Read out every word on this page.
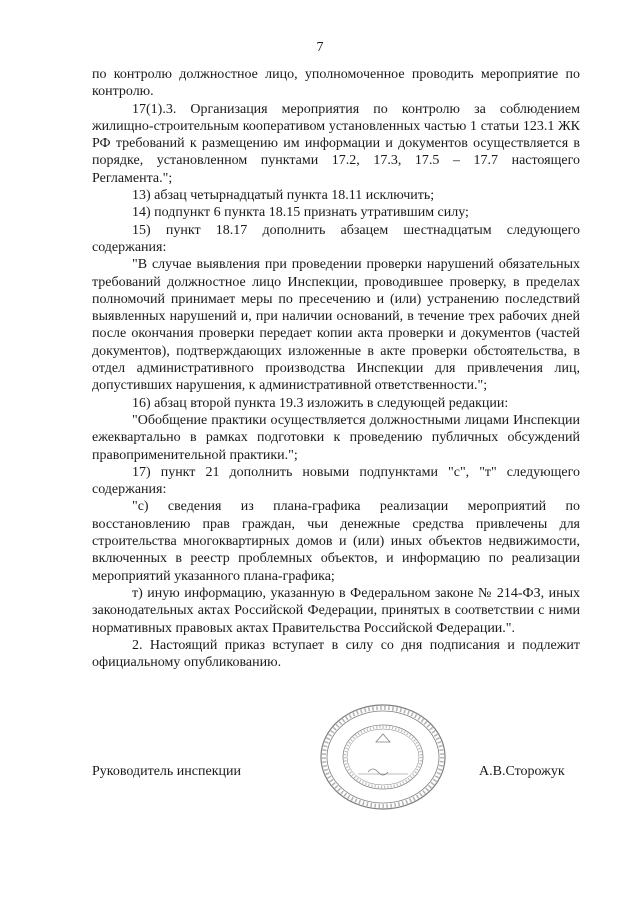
7

по контролю должностное лицо, уполномоченное проводить мероприятие по контролю.

17(1).3. Организация мероприятия по контролю за соблюдением жилищно-строительным кооперативом установленных частью 1 статьи 123.1 ЖК РФ требований к размещению им информации и документов осуществляется в порядке, установленном пунктами 17.2, 17.3, 17.5 – 17.7 настоящего Регламента.";

13) абзац четырнадцатый пункта 18.11 исключить;

14) подпункт 6 пункта 18.15 признать утратившим силу;

15) пункт 18.17 дополнить абзацем шестнадцатым следующего содержания:

"В случае выявления при проведении проверки нарушений обязательных требований должностное лицо Инспекции, проводившее проверку, в пределах полномочий принимает меры по пресечению и (или) устранению последствий выявленных нарушений и, при наличии оснований, в течение трех рабочих дней после окончания проверки передает копии акта проверки и документов (частей документов), подтверждающих изложенные в акте проверки обстоятельства, в отдел административного производства Инспекции для привлечения лиц, допустивших нарушения, к административной ответственности.";

16) абзац второй пункта 19.3 изложить в следующей редакции:

"Обобщение практики осуществляется должностными лицами Инспекции ежеквартально в рамках подготовки к проведению публичных обсуждений правоприменительной практики.";

17) пункт 21 дополнить новыми подпунктами "с", "т" следующего содержания:

"с) сведения из плана-графика реализации мероприятий по восстановлению прав граждан, чьи денежные средства привлечены для строительства многоквартирных домов и (или) иных объектов недвижимости, включенных в реестр проблемных объектов, и информацию по реализации мероприятий указанного плана-графика;

т) иную информацию, указанную в Федеральном законе № 214-ФЗ, иных законодательных актах Российской Федерации, принятых в соответствии с ними нормативных правовых актах Правительства Российской Федерации.".

2. Настоящий приказ вступает в силу со дня подписания и подлежит официальному опубликованию.

Руководитель инспекции	А.В.Сторожук
